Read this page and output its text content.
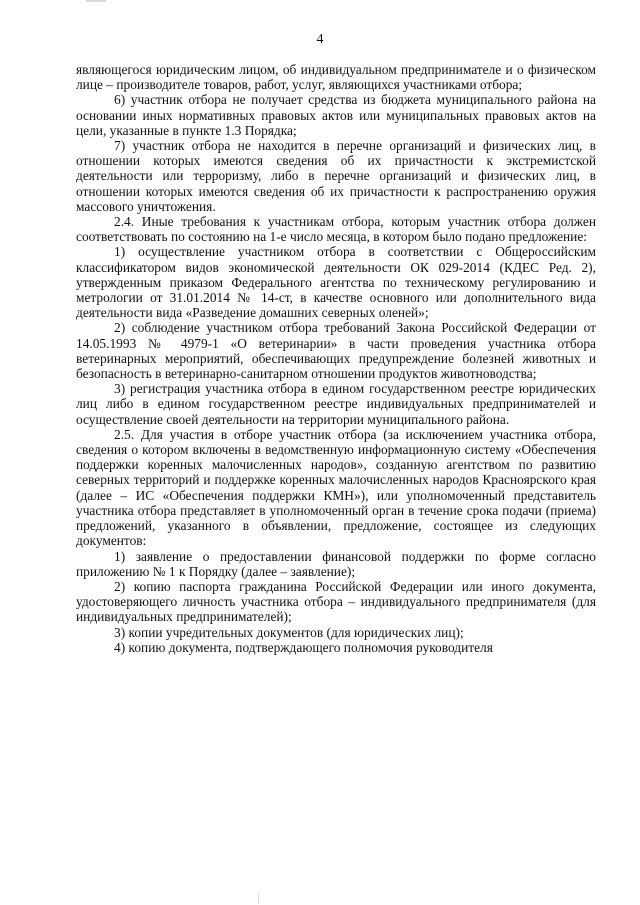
4

являющегося юридическим лицом, об индивидуальном предпринимателе и о физическом лице – производителе товаров, работ, услуг, являющихся участниками отбора;

6) участник отбора не получает средства из бюджета муниципального района на основании иных нормативных правовых актов или муниципальных правовых актов на цели, указанные в пункте 1.3 Порядка;

7) участник отбора не находится в перечне организаций и физических лиц, в отношении которых имеются сведения об их причастности к экстремистской деятельности или терроризму, либо в перечне организаций и физических лиц, в отношении которых имеются сведения об их причастности к распространению оружия массового уничтожения.

2.4. Иные требования к участникам отбора, которым участник отбора должен соответствовать по состоянию на 1-е число месяца, в котором было подано предложение:

1) осуществление участником отбора в соответствии с Общероссийским классификатором видов экономической деятельности ОК 029-2014 (КДЕС Ред. 2), утвержденным приказом Федерального агентства по техническому регулированию и метрологии от 31.01.2014 № 14-ст, в качестве основного или дополнительного вида деятельности вида «Разведение домашних северных оленей»;

2) соблюдение участником отбора требований Закона Российской Федерации от 14.05.1993 № 4979-1 «О ветеринарии» в части проведения участника отбора ветеринарных мероприятий, обеспечивающих предупреждение болезней животных и безопасность в ветеринарно-санитарном отношении продуктов животноводства;

3) регистрация участника отбора в едином государственном реестре юридических лиц либо в едином государственном реестре индивидуальных предпринимателей и осуществление своей деятельности на территории муниципального района.

2.5. Для участия в отборе участник отбора (за исключением участника отбора, сведения о котором включены в ведомственную информационную систему «Обеспечения поддержки коренных малочисленных народов», созданную агентством по развитию северных территорий и поддержке коренных малочисленных народов Красноярского края (далее – ИС «Обеспечения поддержки КМН»), или уполномоченный представитель участника отбора представляет в уполномоченный орган в течение срока подачи (приема) предложений, указанного в объявлении, предложение, состоящее из следующих документов:

1) заявление о предоставлении финансовой поддержки по форме согласно приложению № 1 к Порядку (далее – заявление);

2) копию паспорта гражданина Российской Федерации или иного документа, удостоверяющего личность участника отбора – индивидуального предпринимателя (для индивидуальных предпринимателей);

3) копии учредительных документов (для юридических лиц);

4) копию документа, подтверждающего полномочия руководителя
